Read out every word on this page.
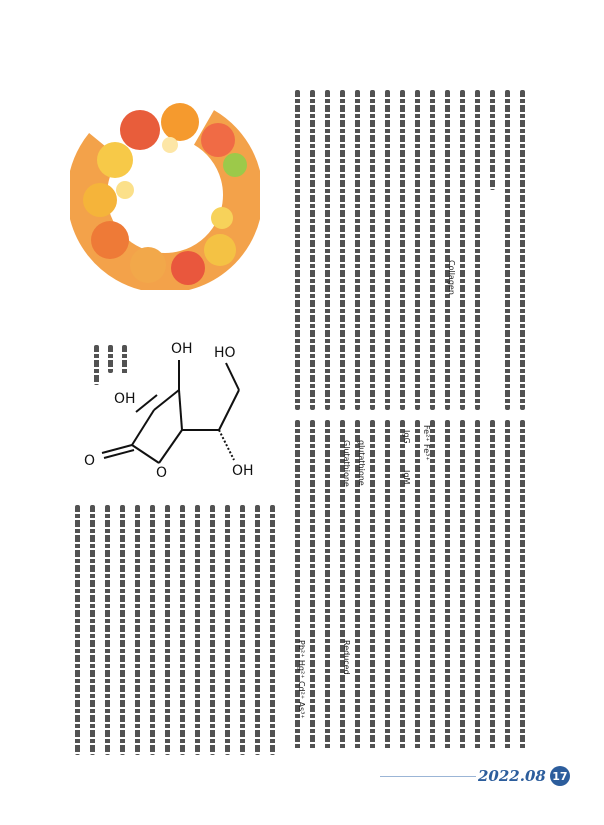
OH HO
OH
OH
O
O
Collagen
IgG
IgM
Fe²⁺ Fe³⁺
glutathione
Glutathione
Reduced
Pb²⁺ Hg²⁺ Cd²⁺ As³⁺
2022.08 17
